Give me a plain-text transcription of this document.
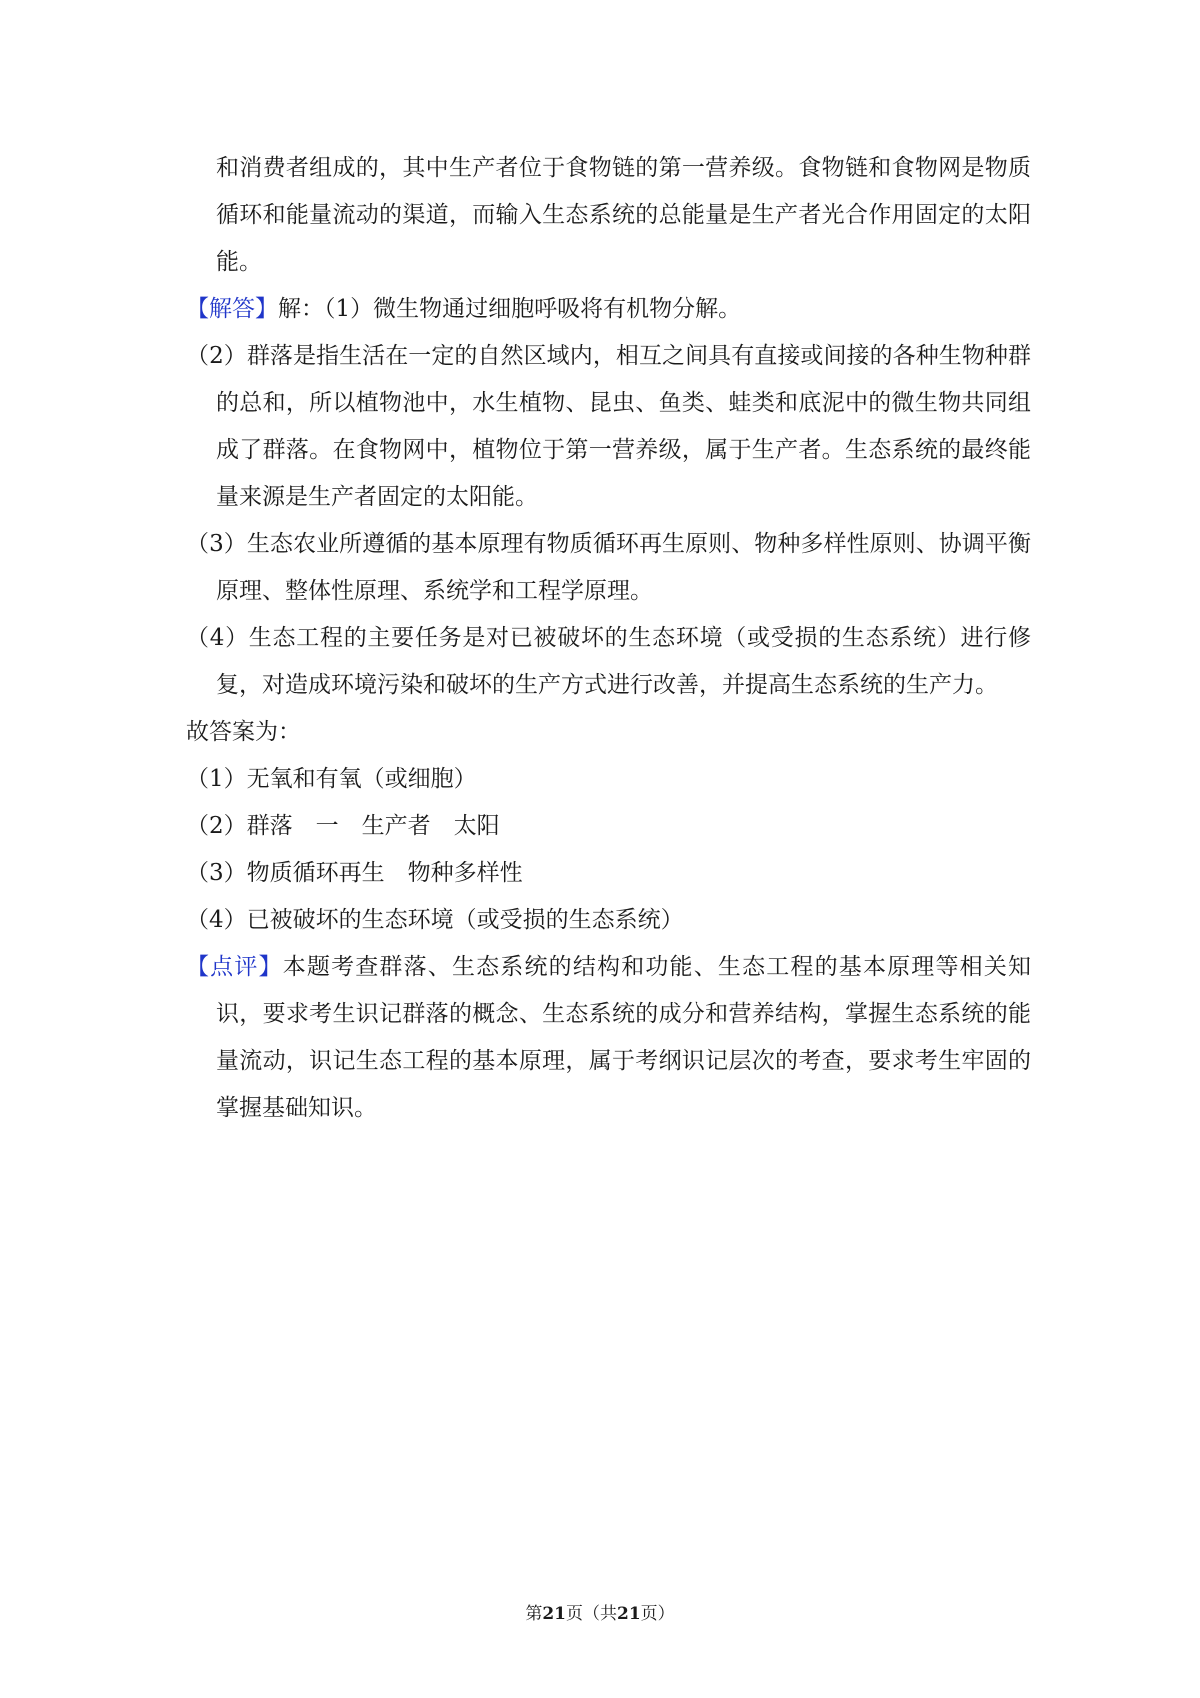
和消费者组成的，其中生产者位于食物链的第一营养级。食物链和食物网是物质循环和能量流动的渠道，而输入生态系统的总能量是生产者光合作用固定的太阳能。

【解答】解：（1）微生物通过细胞呼吸将有机物分解。

（2）群落是指生活在一定的自然区域内，相互之间具有直接或间接的各种生物种群的总和，所以植物池中，水生植物、昆虫、鱼类、蛙类和底泥中的微生物共同组成了群落。在食物网中，植物位于第一营养级，属于生产者。生态系统的最终能量来源是生产者固定的太阳能。

（3）生态农业所遵循的基本原理有物质循环再生原则、物种多样性原则、协调平衡原理、整体性原理、系统学和工程学原理。

（4）生态工程的主要任务是对已被破坏的生态环境（或受损的生态系统）进行修复，对造成环境污染和破坏的生产方式进行改善，并提高生态系统的生产力。

故答案为：

（1）无氧和有氧（或细胞）

（2）群落　一　生产者　太阳

（3）物质循环再生　物种多样性

（4）已被破坏的生态环境（或受损的生态系统）

【点评】本题考查群落、生态系统的结构和功能、生态工程的基本原理等相关知识，要求考生识记群落的概念、生态系统的成分和营养结构，掌握生态系统的能量流动，识记生态工程的基本原理，属于考纲识记层次的考查，要求考生牢固的掌握基础知识。

第21页（共21页）
